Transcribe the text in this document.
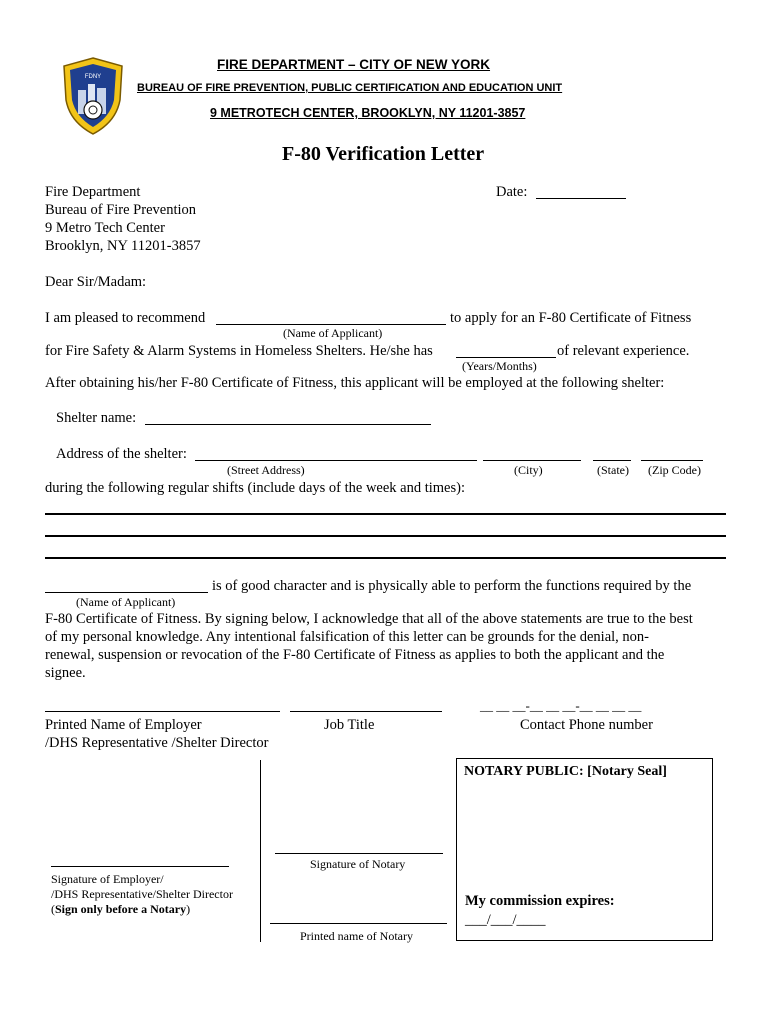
FDNY
FIRE DEPARTMENT – CITY OF NEW YORK
BUREAU OF FIRE PREVENTION, PUBLIC CERTIFICATION AND EDUCATION UNIT
9 METROTECH CENTER, BROOKLYN, NY 11201-3857
F-80 Verification Letter
Fire Department
Bureau of Fire Prevention
9 Metro Tech Center
Brooklyn, NY 11201-3857
Date:
Dear Sir/Madam:
I am pleased to recommend	to apply for an F-80 Certificate of Fitness
(Name of Applicant)
for Fire Safety & Alarm Systems in Homeless Shelters. He/she has	of relevant experience.
(Years/Months)
After obtaining his/her F-80 Certificate of Fitness, this applicant will be employed at the following shelter:
Shelter name:
Address of the shelter:
(Street Address)	(City)	(State) (Zip Code)
during the following regular shifts (include days of the week and times):
is of good character and is physically able to perform the functions required by the
(Name of Applicant)
F-80 Certificate of Fitness. By signing below, I acknowledge that all of the above statements are true to the best
of my personal knowledge. Any intentional falsification of this letter can be grounds for the denial, non-
renewal, suspension or revocation of the F-80 Certificate of Fitness as applies to both the applicant and the
signee.
__ __ __-__ __ __-__ __ __ __
Printed Name of Employer
/DHS Representative /Shelter Director
Job Title	Contact Phone number
NOTARY PUBLIC: [Notary Seal]
My commission expires:
___/___/____
Signature of Employer/
/DHS Representative/Shelter Director
(Sign only before a Notary)
Signature of Notary
Printed name of Notary
